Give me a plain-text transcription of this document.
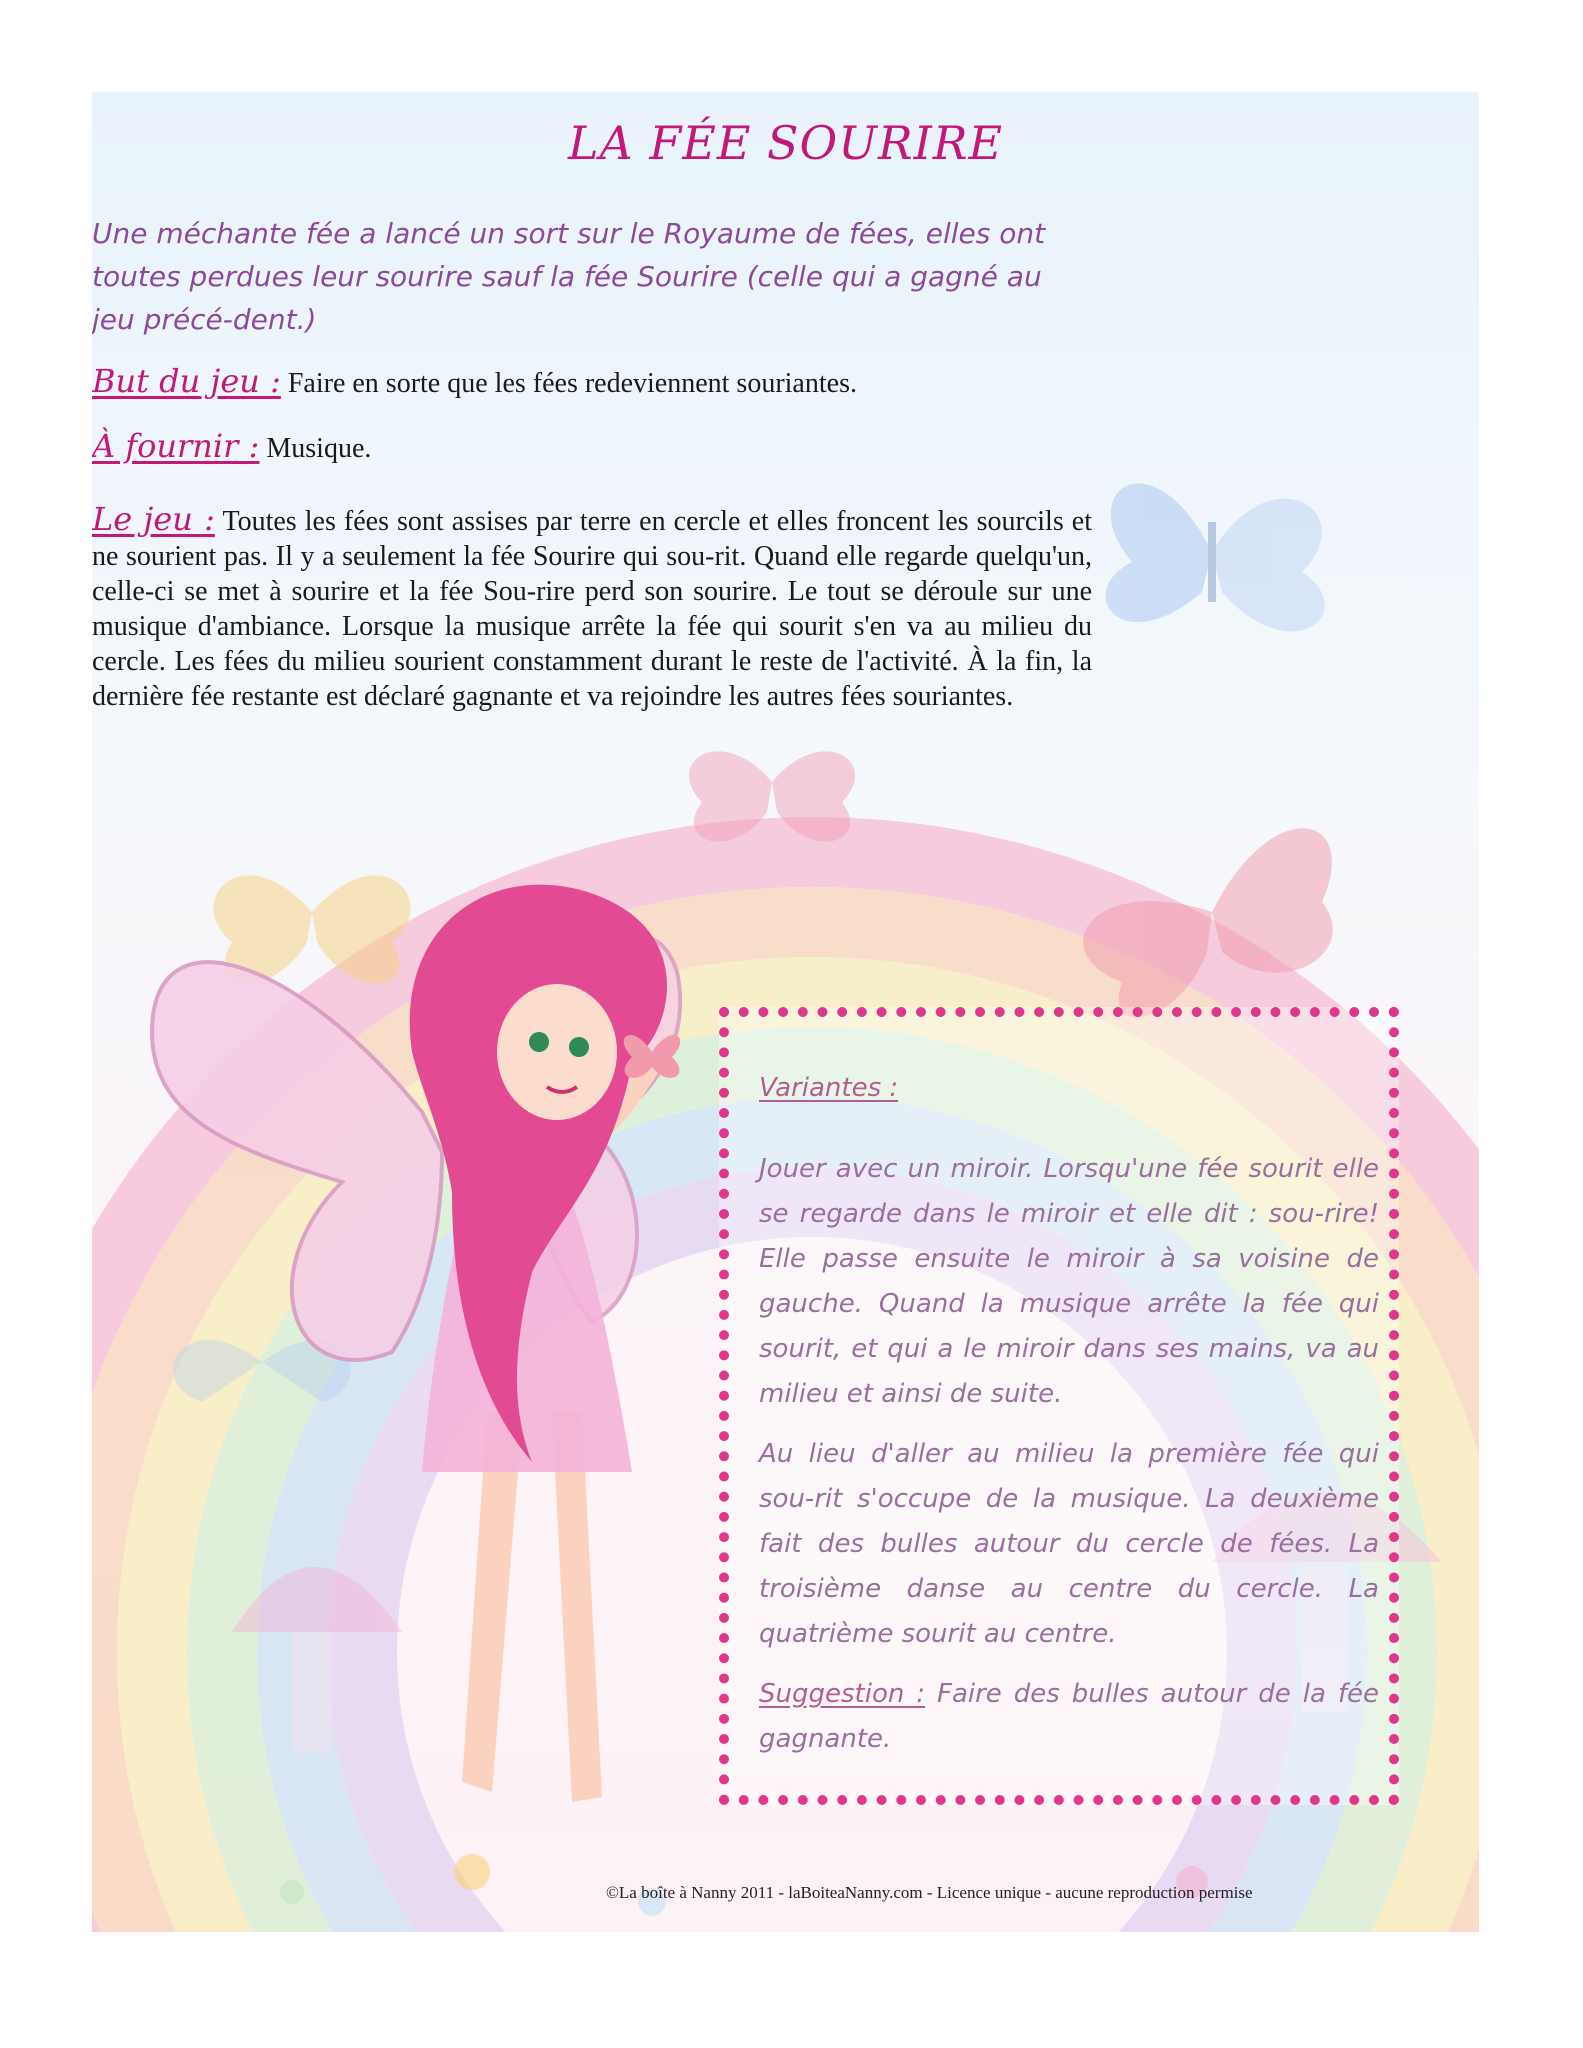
LA FÉE SOURIRE
Une méchante fée a lancé un sort sur le Royaume de fées, elles ont toutes perdues leur sourire sauf la fée Sourire (celle qui a gagné au jeu précé-dent.)
But du jeu : Faire en sorte que les fées redeviennent souriantes.
À fournir : Musique.
Le jeu : Toutes les fées sont assises par terre en cercle et elles froncent les sourcils et ne sourient pas. Il y a seulement la fée Sourire qui sou-rit. Quand elle regarde quelqu'un, celle-ci se met à sourire et la fée Sou-rire perd son sourire. Le tout se déroule sur une musique d'ambiance. Lorsque la musique arrête la fée qui sourit s'en va au milieu du cercle. Les fées du milieu sourient constamment durant le reste de l'activité. À la fin, la dernière fée restante est déclaré gagnante et va rejoindre les autres fées souriantes.
Variantes :
Jouer avec un miroir. Lorsqu'une fée sourit elle se regarde dans le miroir et elle dit : sou-rire! Elle passe ensuite le miroir à sa voisine de gauche. Quand la musique arrête la fée qui sourit, et qui a le miroir dans ses mains, va au milieu et ainsi de suite.
Au lieu d'aller au milieu la première fée qui sou-rit s'occupe de la musique. La deuxième fait des bulles autour du cercle de fées. La troisième danse au centre du cercle. La quatrième sourit au centre.
Suggestion : Faire des bulles autour de la fée gagnante.
©La boîte à Nanny 2011 - laBoiteaNanny.com - Licence unique - aucune reproduction permise
